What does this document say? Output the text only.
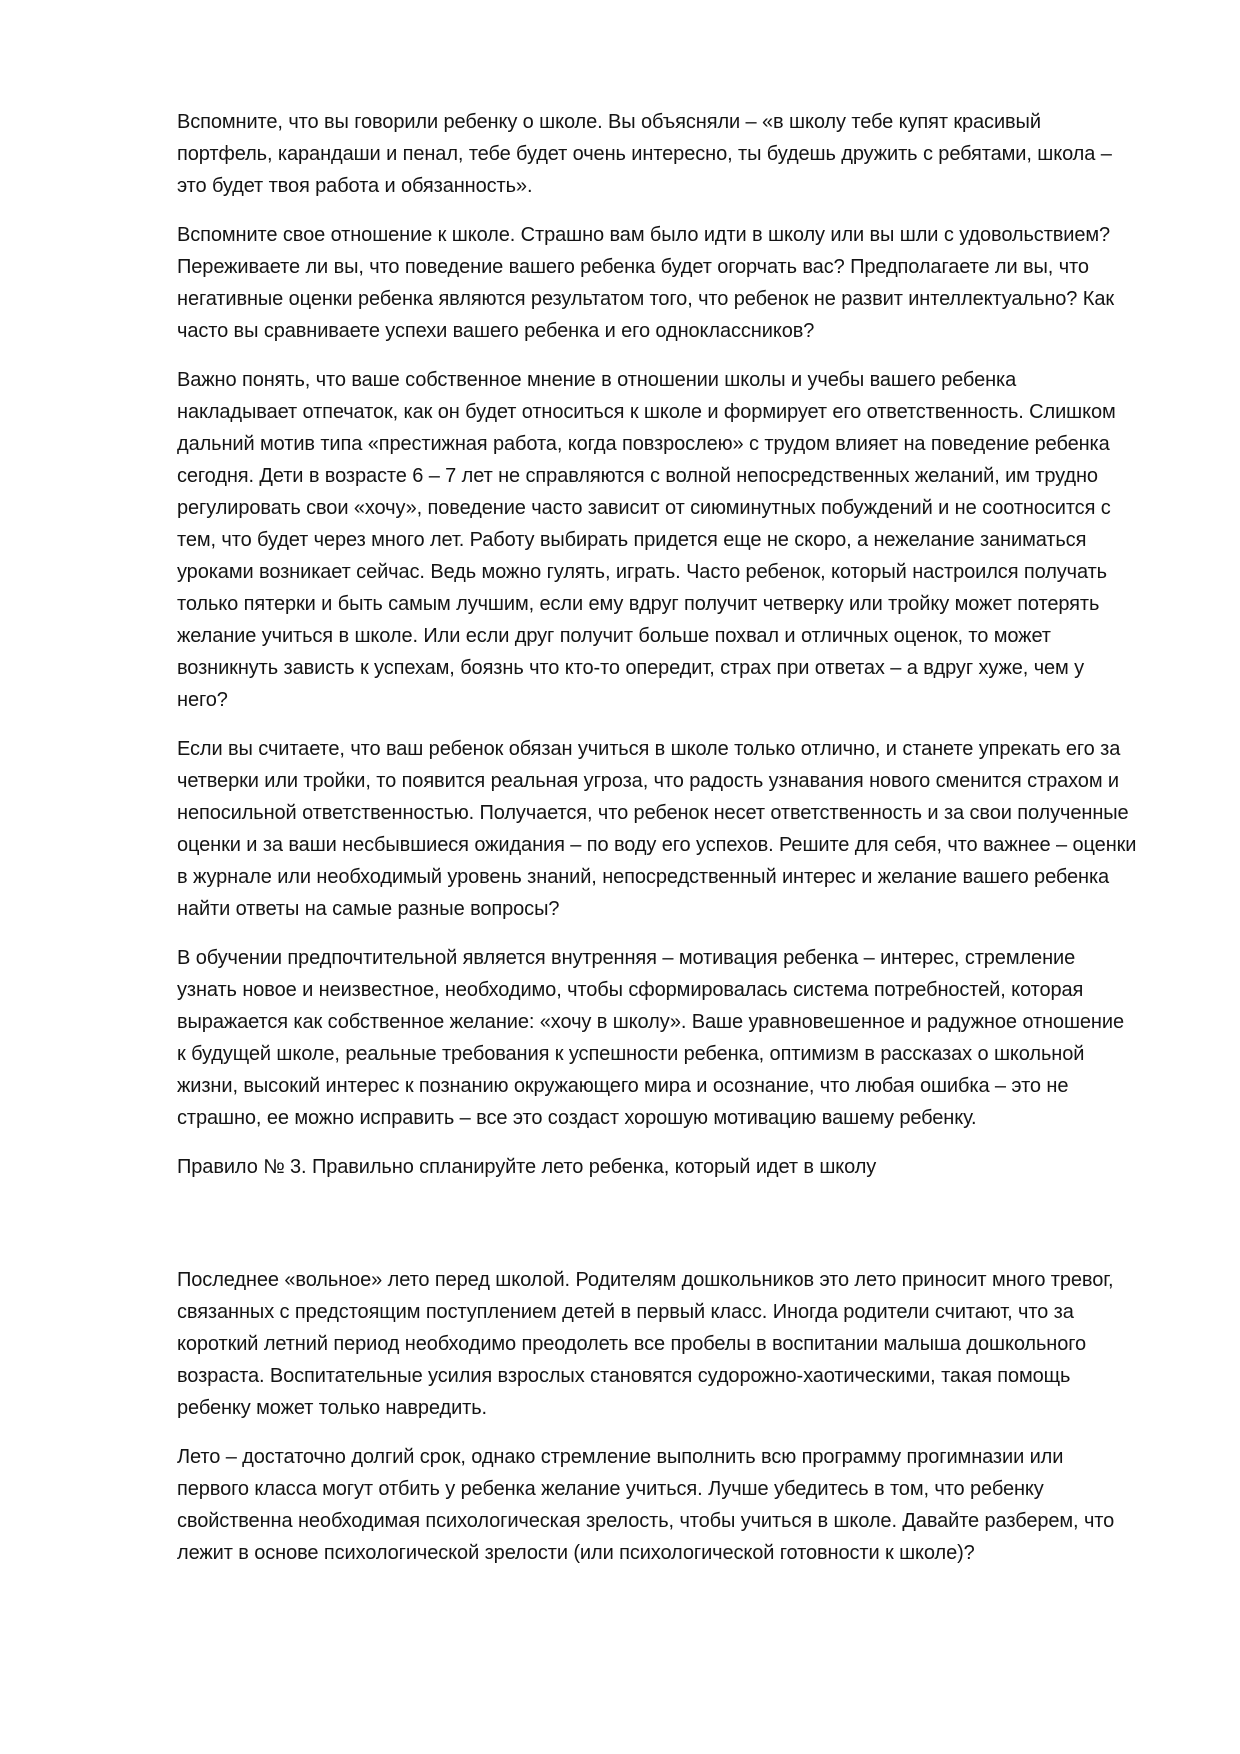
Вспомните, что вы говорили ребенку о школе. Вы объясняли – «в школу тебе купят красивый портфель, карандаши и пенал, тебе будет очень интересно, ты будешь дружить с ребятами, школа – это будет твоя работа и обязанность».

Вспомните свое отношение к школе. Страшно вам было идти в школу или вы шли с удовольствием? Переживаете ли вы, что поведение вашего ребенка будет огорчать вас? Предполагаете ли вы, что негативные оценки ребенка являются результатом того, что ребенок не развит интеллектуально? Как часто вы сравниваете успехи вашего ребенка и его одноклассников?

Важно понять, что ваше собственное мнение в отношении школы и учебы вашего ребенка накладывает отпечаток, как он будет относиться к школе и формирует его ответственность. Слишком дальний мотив типа «престижная работа, когда повзрослею» с трудом влияет на поведение ребенка сегодня. Дети в возрасте 6 – 7 лет не справляются с волной непосредственных желаний, им трудно регулировать свои «хочу», поведение часто зависит от сиюминутных побуждений и не соотносится с тем, что будет через много лет. Работу выбирать придется еще не скоро, а нежелание заниматься уроками возникает сейчас. Ведь можно гулять, играть. Часто ребенок, который настроился получать только пятерки и быть самым лучшим, если ему вдруг получит четверку или тройку может потерять желание учиться в школе. Или если друг получит больше похвал и отличных оценок, то может возникнуть зависть к успехам, боязнь что кто-то опередит, страх при ответах – а вдруг хуже, чем у него?

Если вы считаете, что ваш ребенок обязан учиться в школе только отлично, и станете упрекать его за четверки или тройки, то появится реальная угроза, что радость узнавания нового сменится страхом и непосильной ответственностью. Получается, что ребенок несет ответственность и за свои полученные оценки и за ваши несбывшиеся ожидания – по воду его успехов. Решите для себя, что важнее – оценки в журнале или необходимый уровень знаний, непосредственный интерес и желание вашего ребенка найти ответы на самые разные вопросы?

В обучении предпочтительной является внутренняя – мотивация ребенка – интерес, стремление узнать новое и неизвестное, необходимо, чтобы сформировалась система потребностей, которая выражается как собственное желание: «хочу в школу». Ваше уравновешенное и радужное отношение к будущей школе, реальные требования к успешности ребенка, оптимизм в рассказах о школьной жизни, высокий интерес к познанию окружающего мира и осознание, что любая ошибка – это не страшно, ее можно исправить – все это создаст хорошую мотивацию вашему ребенку.

Правило № 3. Правильно спланируйте лето ребенка, который идет в школу

Последнее «вольное» лето перед школой. Родителям дошкольников это лето приносит много тревог, связанных с предстоящим поступлением детей в первый класс. Иногда родители считают, что за короткий летний период необходимо преодолеть все пробелы в воспитании малыша дошкольного возраста. Воспитательные усилия взрослых становятся судорожно-хаотическими, такая помощь ребенку может только навредить.

Лето – достаточно долгий срок, однако стремление выполнить всю программу прогимназии или первого класса могут отбить у ребенка желание учиться. Лучше убедитесь в том, что ребенку свойственна необходимая психологическая зрелость, чтобы учиться в школе. Давайте разберем, что лежит в основе психологической зрелости (или психологической готовности к школе)?
